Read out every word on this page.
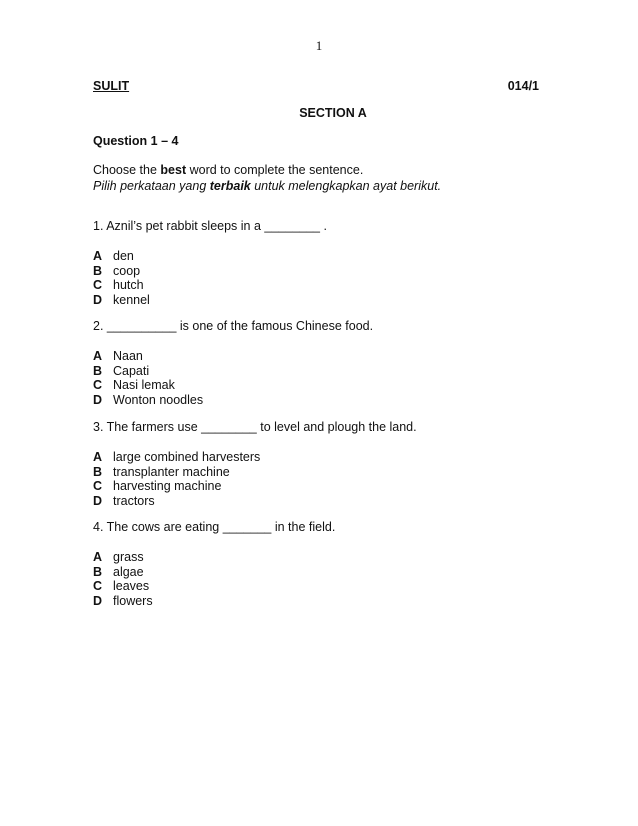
1
SULIT	014/1
SECTION A
Question 1 – 4
Choose the best word to complete the sentence.
Pilih perkataan yang terbaik untuk melengkapkan ayat berikut.
1. Aznil’s pet rabbit sleeps in a ________ .
A den
B coop
C hutch
D kennel
2. __________ is one of the famous Chinese food.
A Naan
B Capati
C Nasi lemak
D Wonton noodles
3. The farmers use ________ to level and plough the land.
A large combined harvesters
B transplanter machine
C harvesting machine
D tractors
4. The cows are eating _______ in the field.
A grass
B algae
C leaves
D flowers
